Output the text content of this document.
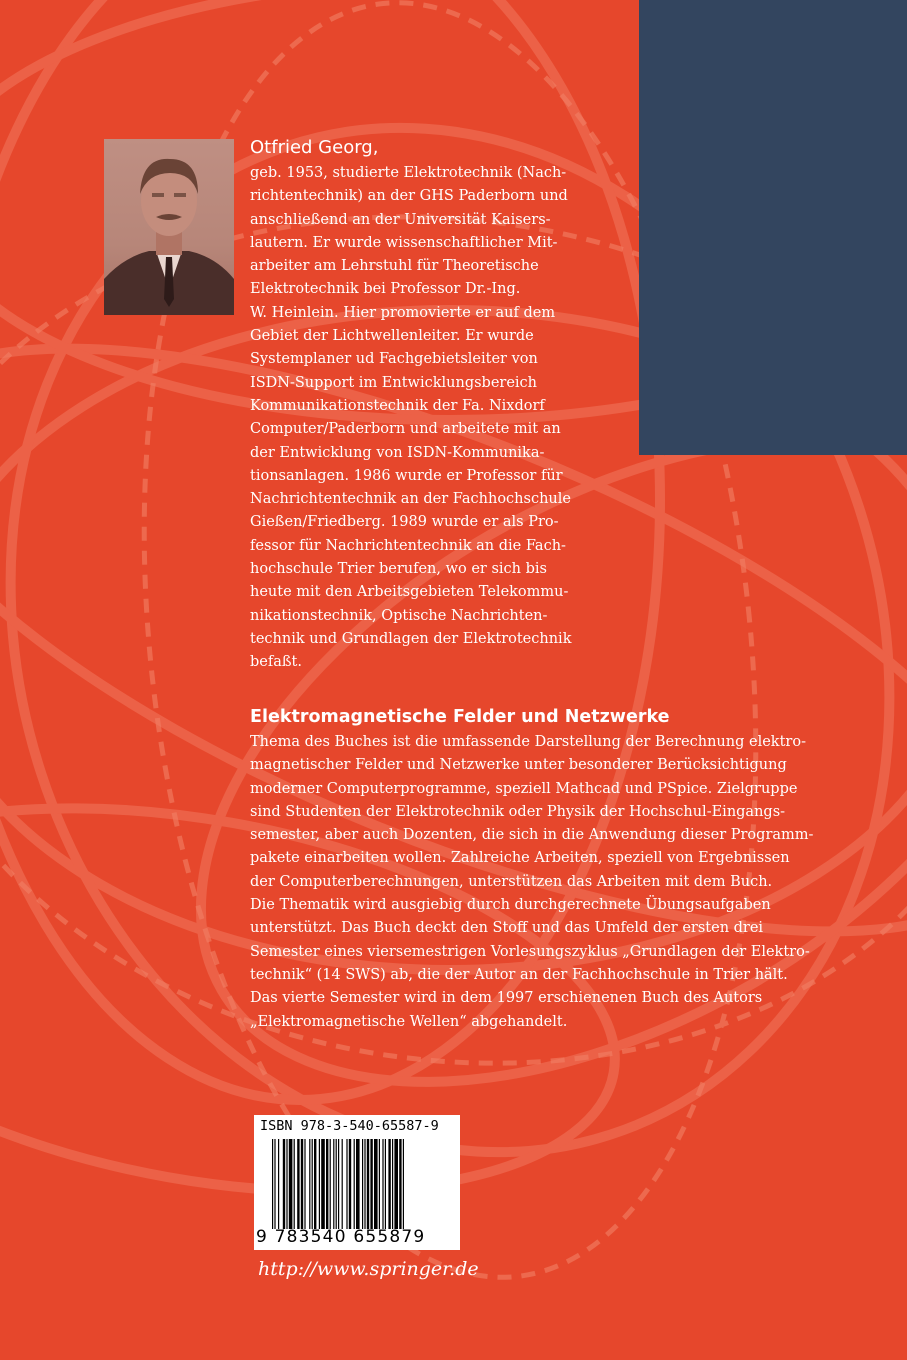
Otfried Georg,
geb. 1953, studierte Elektrotechnik (Nach-
richtentechnik) an der GHS Paderborn und
anschließend an der Universität Kaisers-
lautern. Er wurde wissenschaftlicher Mit-
arbeiter am Lehrstuhl für Theoretische
Elektrotechnik bei Professor Dr.-Ing.
W. Heinlein. Hier promovierte er auf dem
Gebiet der Lichtwellenleiter. Er wurde
Systemplaner ud Fachgebietsleiter von
ISDN-Support im Entwicklungsbereich
Kommunikationstechnik der Fa. Nixdorf
Computer/Paderborn und arbeitete mit an
der Entwicklung von ISDN-Kommunika-
tionsanlagen. 1986 wurde er Professor für
Nachrichtentechnik an der Fachhochschule
Gießen/Friedberg. 1989 wurde er als Pro-
fessor für Nachrichtentechnik an die Fach-
hochschule Trier berufen, wo er sich bis
heute mit den Arbeitsgebieten Telekommu-
nikationstechnik, Optische Nachrichten-
technik und Grundlagen der Elektrotechnik
befaßt.
Elektromagnetische Felder und Netzwerke
Thema des Buches ist die umfassende Darstellung der Berechnung elektro-
magnetischer Felder und Netzwerke unter besonderer Berücksichtigung
moderner Computerprogramme, speziell Mathcad und PSpice. Zielgruppe
sind Studenten der Elektrotechnik oder Physik der Hochschul-Eingangs-
semester, aber auch Dozenten, die sich in die Anwendung dieser Programm-
pakete einarbeiten wollen. Zahlreiche Arbeiten, speziell von Ergebnissen
der Computerberechnungen, unterstützen das Arbeiten mit dem Buch.
Die Thematik wird ausgiebig durch durchgerechnete Übungsaufgaben
unterstützt. Das Buch deckt den Stoff und das Umfeld der ersten drei
Semester eines viersemestrigen Vorlesungszyklus „Grundlagen der Elektro-
technik“ (14 SWS) ab, die der Autor an der Fachhochschule in Trier hält.
Das vierte Semester wird in dem 1997 erschienenen Buch des Autors
„Elektromagnetische Wellen“ abgehandelt.
ISBN 978-3-540-65587-9
9 783540 655879
http://www.springer.de
